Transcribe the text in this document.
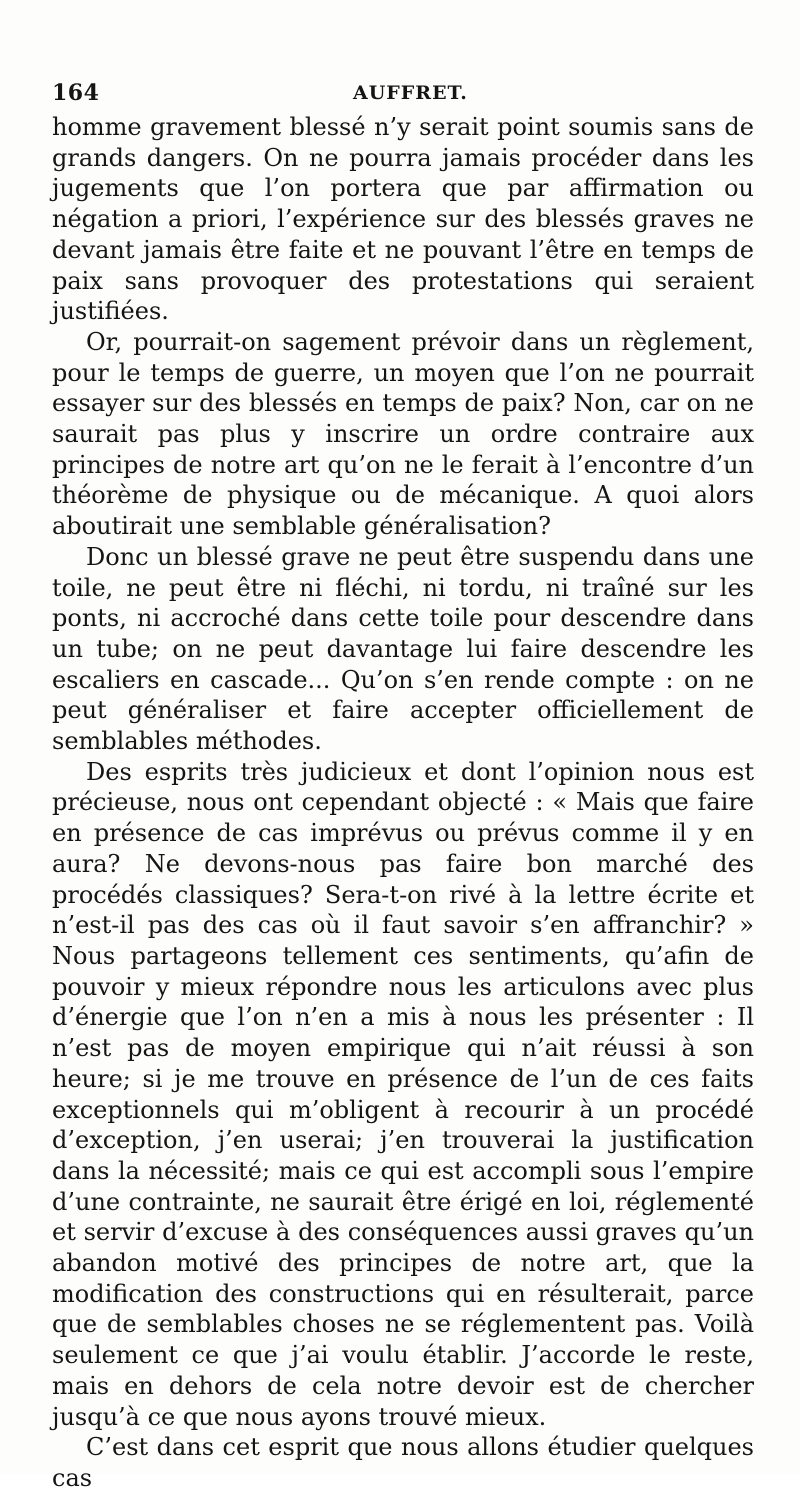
164	AUFFRET.

homme gravement blessé n’y serait point soumis sans de grands dangers. On ne pourra jamais procéder dans les jugements que l’on portera que par affirmation ou négation a priori, l’expérience sur des blessés graves ne devant jamais être faite et ne pouvant l’être en temps de paix sans provoquer des protestations qui seraient justifiées.

Or, pourrait-on sagement prévoir dans un règlement, pour le temps de guerre, un moyen que l’on ne pourrait essayer sur des blessés en temps de paix? Non, car on ne saurait pas plus y inscrire un ordre contraire aux principes de notre art qu’on ne le ferait à l’encontre d’un théorème de physique ou de mécanique. A quoi alors aboutirait une semblable généralisation?

Donc un blessé grave ne peut être suspendu dans une toile, ne peut être ni fléchi, ni tordu, ni traîné sur les ponts, ni accroché dans cette toile pour descendre dans un tube; on ne peut davantage lui faire descendre les escaliers en cascade... Qu’on s’en rende compte : on ne peut généraliser et faire accepter officiellement de semblables méthodes.

Des esprits très judicieux et dont l’opinion nous est précieuse, nous ont cependant objecté : « Mais que faire en présence de cas imprévus ou prévus comme il y en aura? Ne devons-nous pas faire bon marché des procédés classiques? Sera-t-on rivé à la lettre écrite et n’est-il pas des cas où il faut savoir s’en affranchir? » Nous partageons tellement ces sentiments, qu’afin de pouvoir y mieux répondre nous les articulons avec plus d’énergie que l’on n’en a mis à nous les présenter : Il n’est pas de moyen empirique qui n’ait réussi à son heure; si je me trouve en présence de l’un de ces faits exceptionnels qui m’obligent à recourir à un procédé d’exception, j’en userai; j’en trouverai la justification dans la nécessité; mais ce qui est accompli sous l’empire d’une contrainte, ne saurait être érigé en loi, réglementé et servir d’excuse à des conséquences aussi graves qu’un abandon motivé des principes de notre art, que la modification des constructions qui en résulterait, parce que de semblables choses ne se réglementent pas. Voilà seulement ce que j’ai voulu établir. J’accorde le reste, mais en dehors de cela notre devoir est de chercher jusqu’à ce que nous ayons trouvé mieux.

C’est dans cet esprit que nous allons étudier quelques cas
